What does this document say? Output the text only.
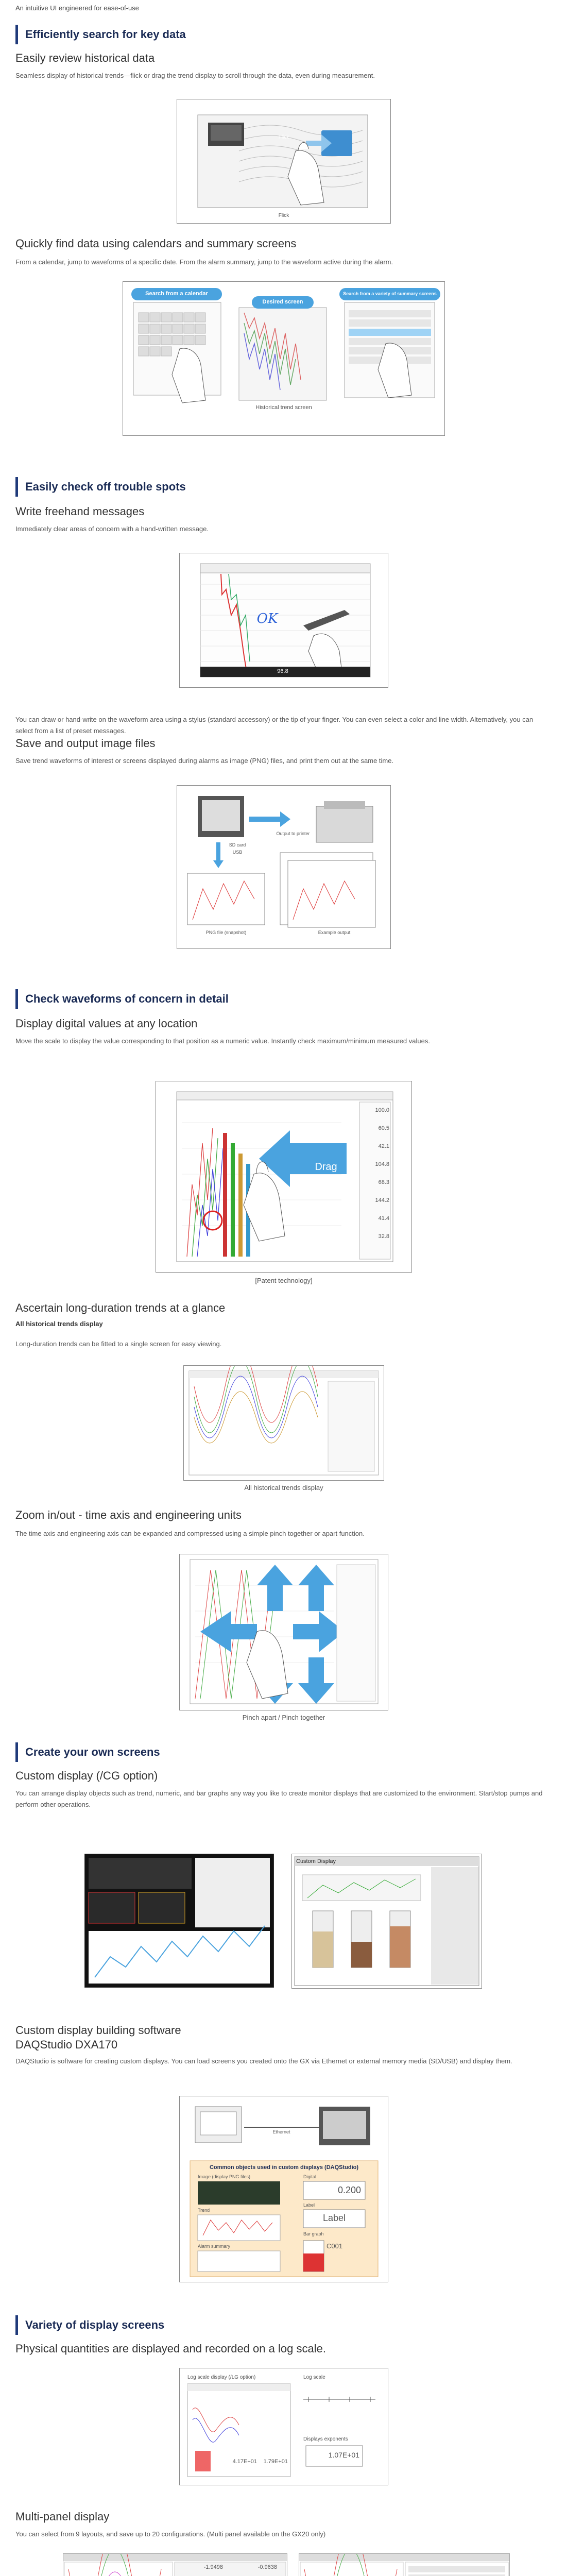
An intuitive UI engineered for ease-of-use
Efficiently search for key data
Easily review historical data
Seamless display of historical trends—flick or drag the trend display to scroll through the data, even during measurement.
Flick
Flick
Quickly find data using calendars and summary screens
From a calendar, jump to waveforms of a specific date. From the alarm summary, jump to the waveform active during the alarm.
Search from a calendar
Desired screen
Search from a variety of summary screens
Historical trend screen
Easily check off trouble spots
Write freehand messages
Immediately clear areas of concern with a hand-written message.
OK
96.8
You can draw or hand-write on the waveform area using a stylus (standard accessory) or the tip of your finger. You can even select a color and line width. Alternatively, you can select from a list of preset messages.
Save and output image files
Save trend waveforms of interest or screens displayed during alarms as image (PNG) files, and print them out at the same time.
Output to printer
SD card
USB
PNG file (snapshot)	Example output
Check waveforms of concern in detail
Display digital values at any location
Move the scale to display the value corresponding to that position as a numeric value. Instantly check maximum/minimum measured values.
Drag
100.0
60.5
42.1
104.8
68.3
144.2
41.4
32.8
[Patent technology]
Ascertain long-duration trends at a glance
All historical trends display
Long-duration trends can be fitted to a single screen for easy viewing.
All historical trends display
Zoom in/out - time axis and engineering units
The time axis and engineering axis can be expanded and compressed using a simple pinch together or apart function.
Pinch apart / Pinch together
Create your own screens
Custom display (/CG option)
You can arrange display objects such as trend, numeric, and bar graphs any way you like to create monitor displays that are customized to the environment. Start/stop pumps and perform other operations.
Custom Display
Custom display building software
DAQStudio DXA170
DAQStudio is software for creating custom displays. You can load screens you created onto the GX via Ethernet or external memory media (SD/USB) and display them.
Ethernet
Common objects used in custom displays (DAQStudio)
Image (display PNG files)	Digital
0.200
Trend
Label
Label
Bar graph
C001
Alarm summary
Variety of display screens
Physical quantities are displayed and recorded on a log scale.
Log scale display (/LG option)	Log scale
Displays exponents
1.07E+01
4.17E+01	1.79E+01
Multi-panel display
You can select from 9 layouts, and save up to 20 configurations. (Multi panel available on the GX20 only)
-1.9498	-0.9638
